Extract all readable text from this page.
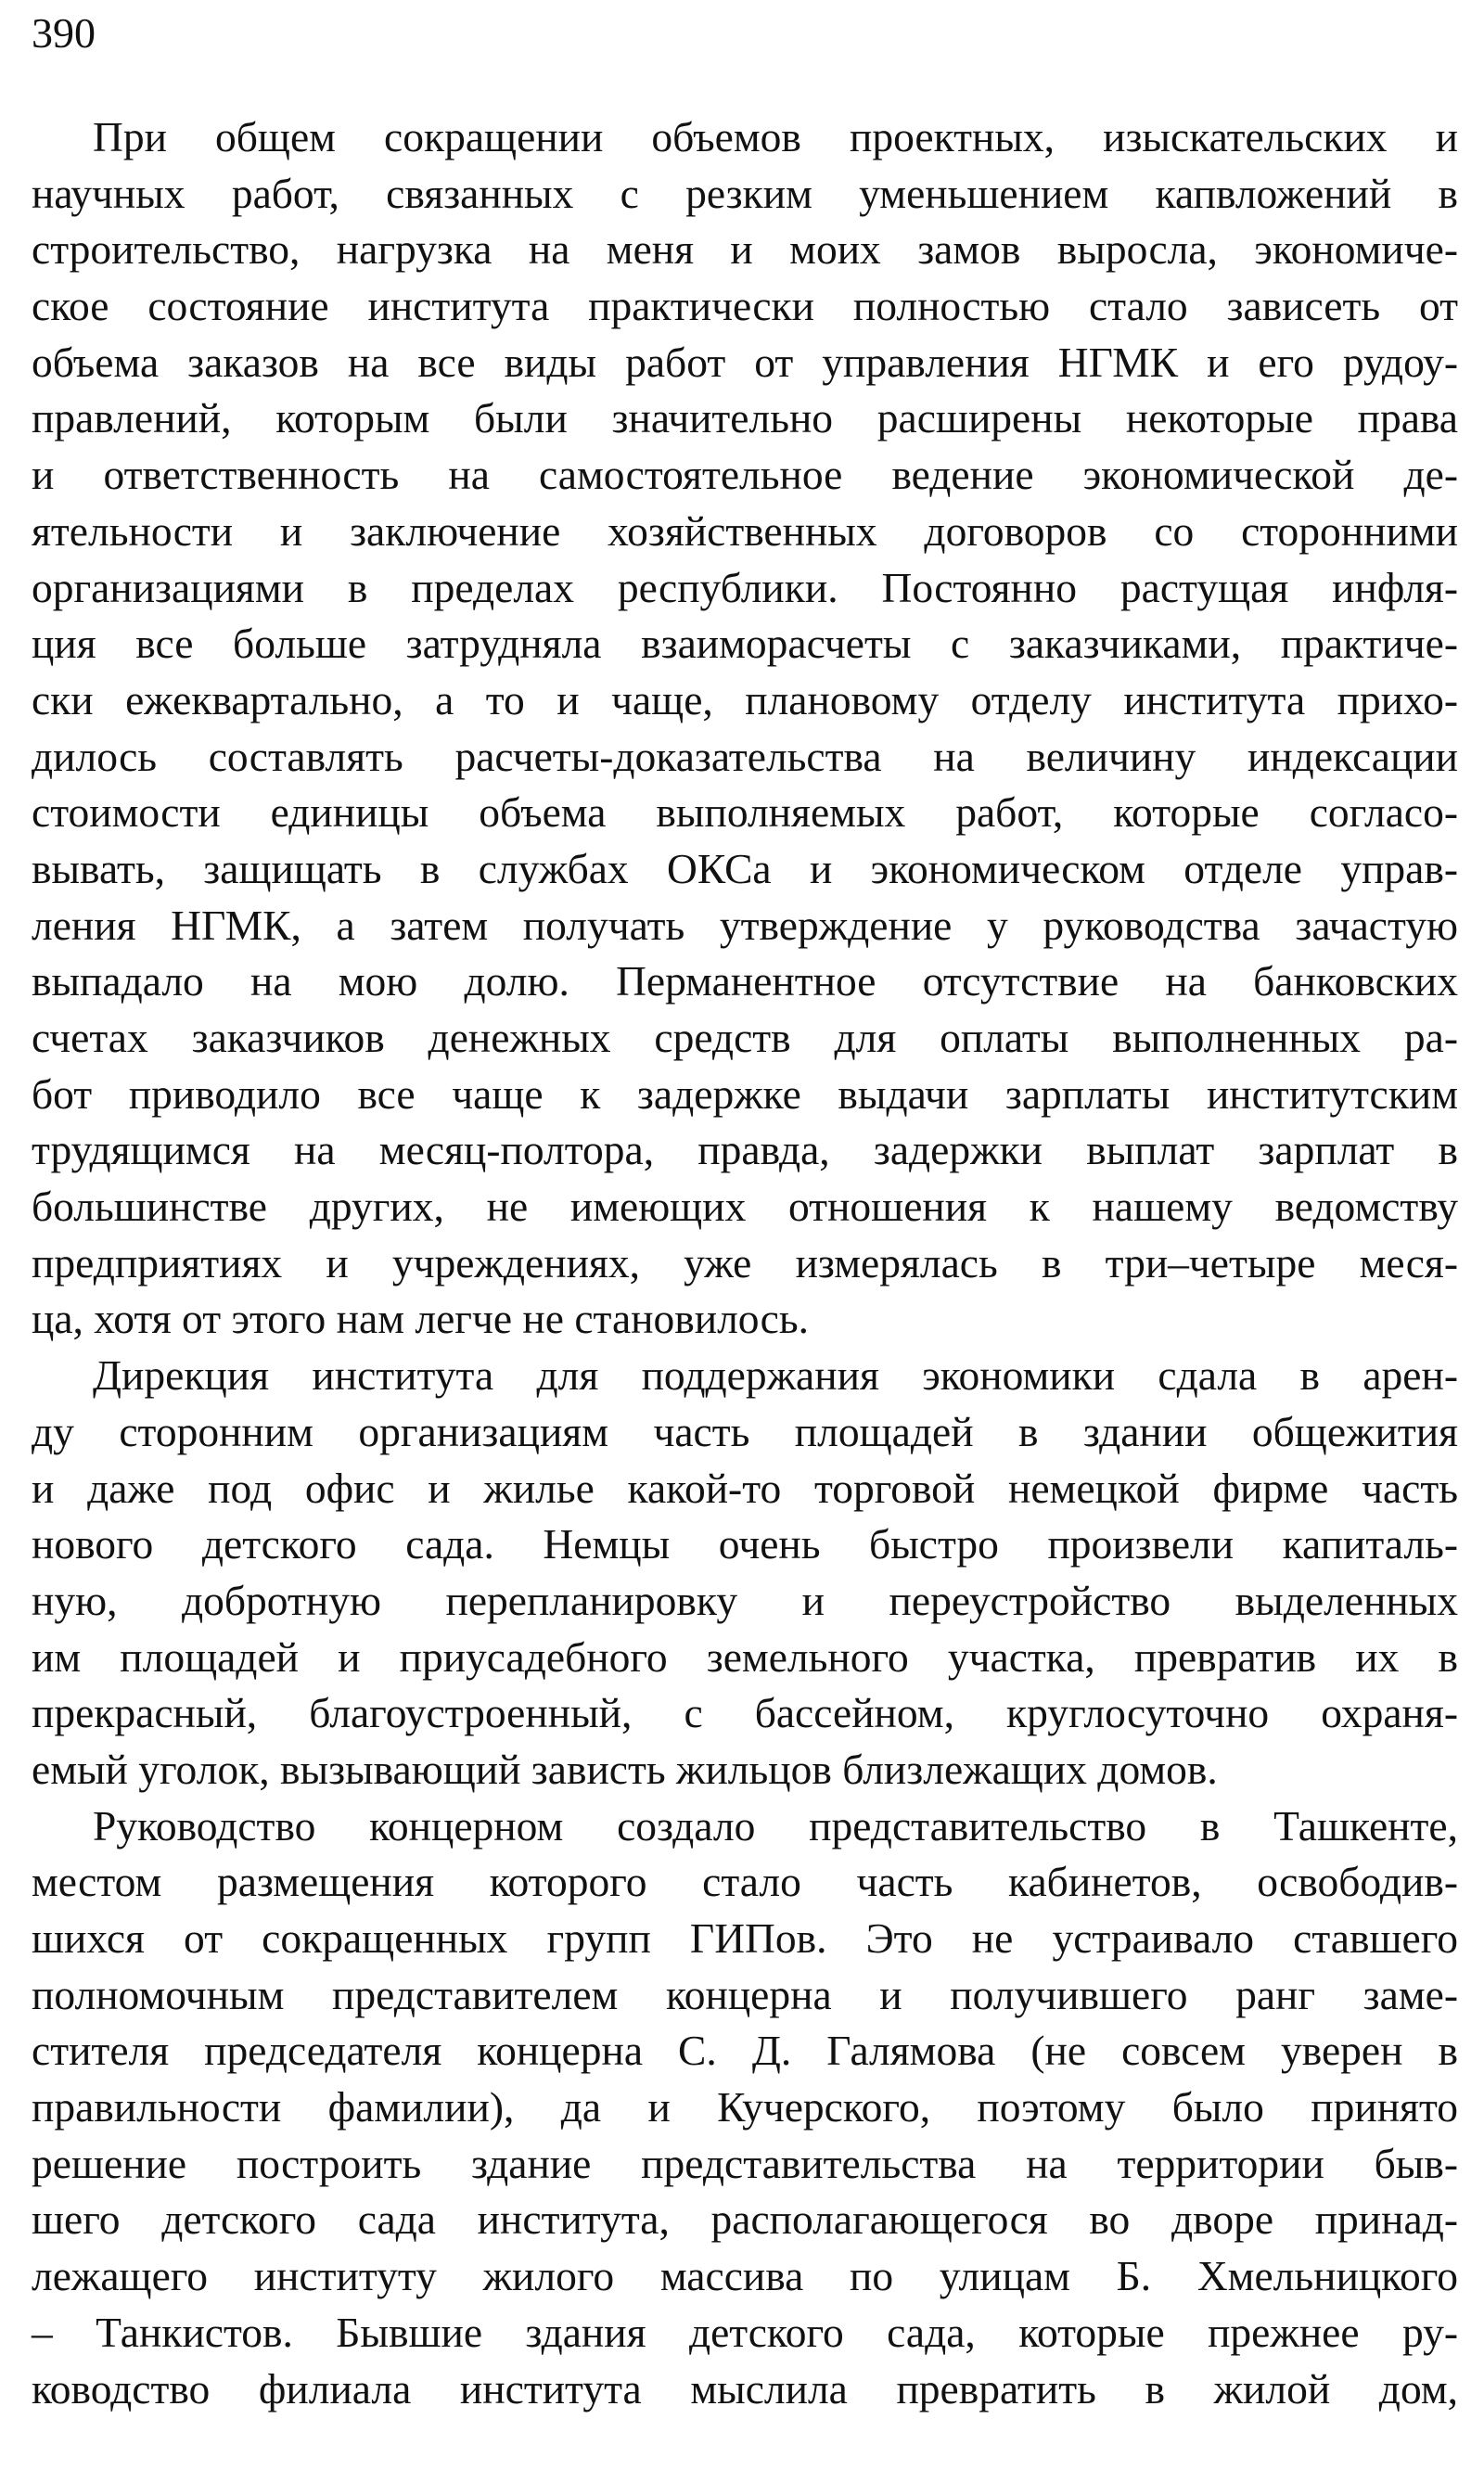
390
При общем сокращении объемов проектных, изыскательских и
научных работ, связанных с резким уменьшением капвложений в
строительство, нагрузка на меня и моих замов выросла, экономиче-
ское состояние института практически полностью стало зависеть от
объема заказов на все виды работ от управления НГМК и его рудоу-
правлений, которым были значительно расширены некоторые права
и ответственность на самостоятельное ведение экономической де-
ятельности и заключение хозяйственных договоров со сторонними
организациями в пределах республики. Постоянно растущая инфля-
ция все больше затрудняла взаиморасчеты с заказчиками, практиче-
ски ежеквартально, а то и чаще, плановому отделу института прихо-
дилось составлять расчеты-доказательства на величину индексации
стоимости единицы объема выполняемых работ, которые согласо-
вывать, защищать в службах ОКСа и экономическом отделе управ-
ления НГМК, а затем получать утверждение у руководства зачастую
выпадало на мою долю. Перманентное отсутствие на банковских
счетах заказчиков денежных средств для оплаты выполненных ра-
бот приводило все чаще к задержке выдачи зарплаты институтским
трудящимся на месяц-полтора, правда, задержки выплат зарплат в
большинстве других, не имеющих отношения к нашему ведомству
предприятиях и учреждениях, уже измерялась в три–четыре меся-
ца, хотя от этого нам легче не становилось.
Дирекция института для поддержания экономики сдала в арен-
ду сторонним организациям часть площадей в здании общежития
и даже под офис и жилье какой-то торговой немецкой фирме часть
нового детского сада. Немцы очень быстро произвели капиталь-
ную, добротную перепланировку и переустройство выделенных
им площадей и приусадебного земельного участка, превратив их в
прекрасный, благоустроенный, с бассейном, круглосуточно охраня-
емый уголок, вызывающий зависть жильцов близлежащих домов.
Руководство концерном создало представительство в Ташкенте,
местом размещения которого стало часть кабинетов, освободив-
шихся от сокращенных групп ГИПов. Это не устраивало ставшего
полномочным представителем концерна и получившего ранг заме-
стителя председателя концерна С. Д. Галямова (не совсем уверен в
правильности фамилии), да и Кучерского, поэтому было принято
решение построить здание представительства на территории быв-
шего детского сада института, располагающегося во дворе принад-
лежащего институту жилого массива по улицам Б. Хмельницкого
– Танкистов. Бывшие здания детского сада, которые прежнее ру-
ководство филиала института мыслила превратить в жилой дом,
